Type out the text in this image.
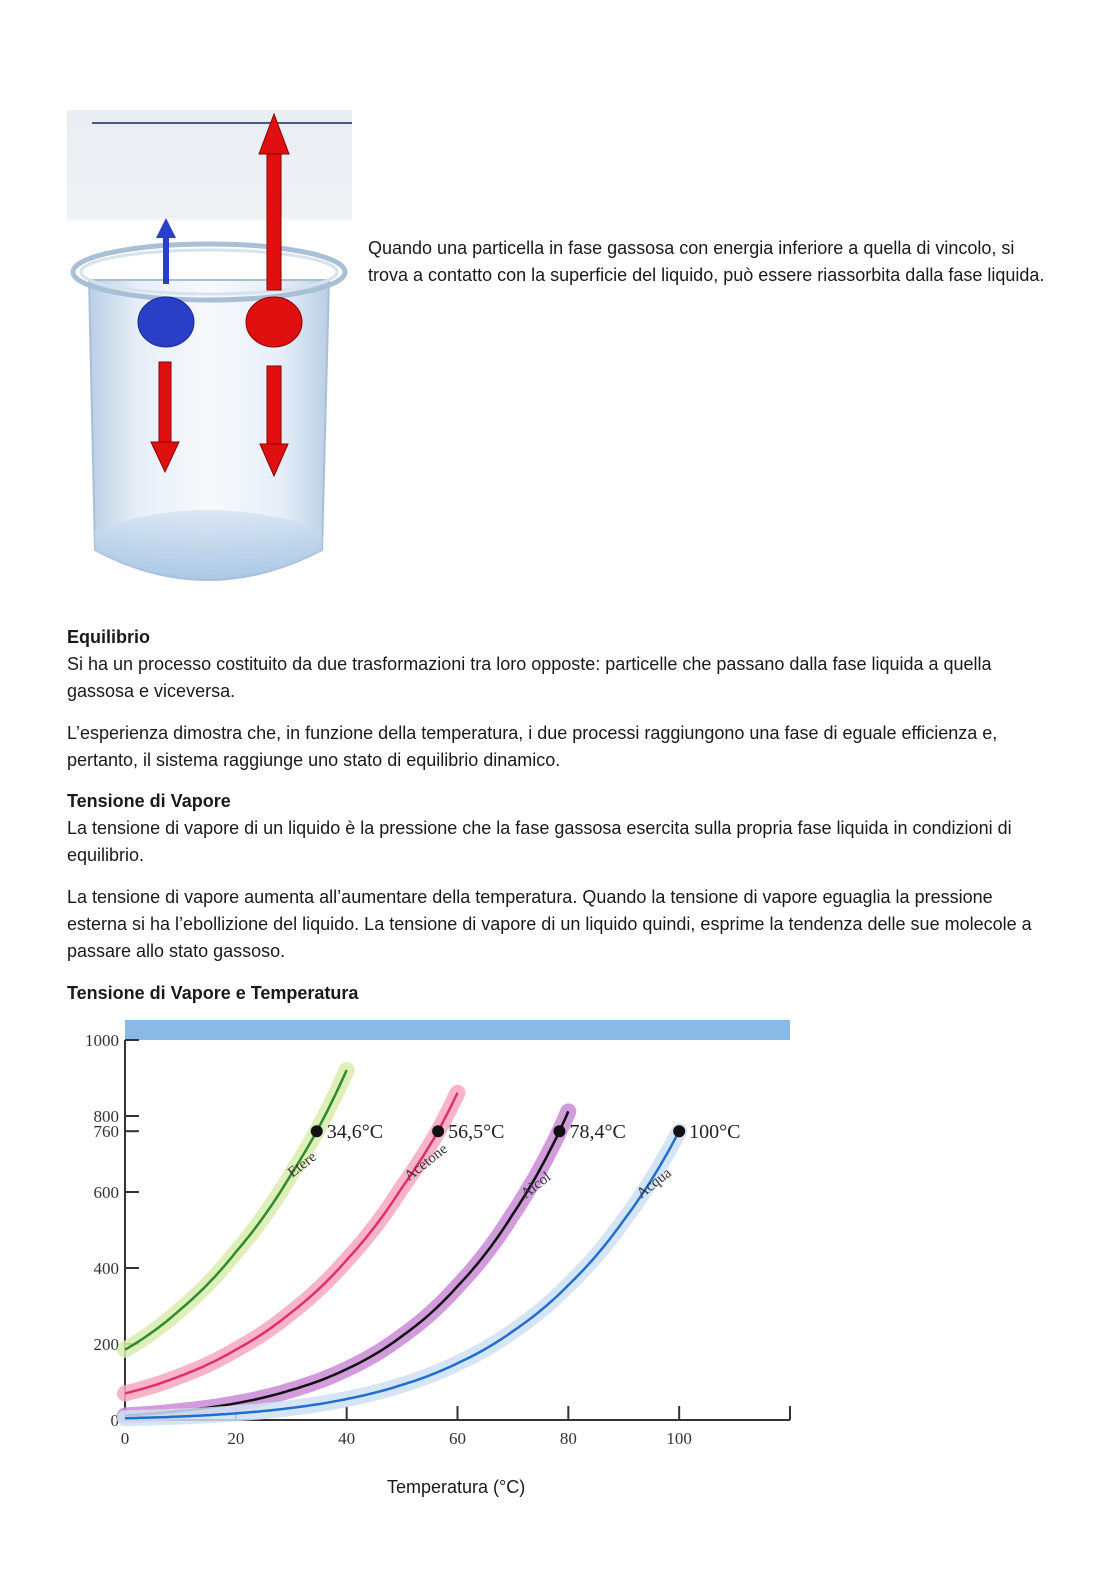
Quando una particella in fase gassosa con energia inferiore a quella di vincolo, si trova a contatto con la superficie del liquido, può essere riassorbita dalla fase liquida.
Equilibrio

Si ha un processo costituito da due trasformazioni tra loro opposte: particelle che passano dalla fase liquida a quella gassosa e viceversa.

L’esperienza dimostra che, in funzione della temperatura, i due processi raggiungono una fase di eguale efficienza e, pertanto, il sistema raggiunge uno stato di equilibrio dinamico.

Tensione di Vapore

La tensione di vapore di un liquido è la pressione che la fase gassosa esercita sulla propria fase liquida in condizioni di equilibrio.

La tensione di vapore aumenta all’aumentare della temperatura. Quando la tensione di vapore eguaglia la pressione esterna si ha l’ebollizione del liquido. La tensione di vapore di un liquido quindi, esprime la tendenza delle sue molecole a passare allo stato gassoso.

Tensione di Vapore e Temperatura
0
200
400
600
760
800
1000
0	20	40	60	80	100
Etere
34,6°C
Acetone
56,5°C
Alcol
78,4°C
Acqua
100°C
Temperatura (°C)
